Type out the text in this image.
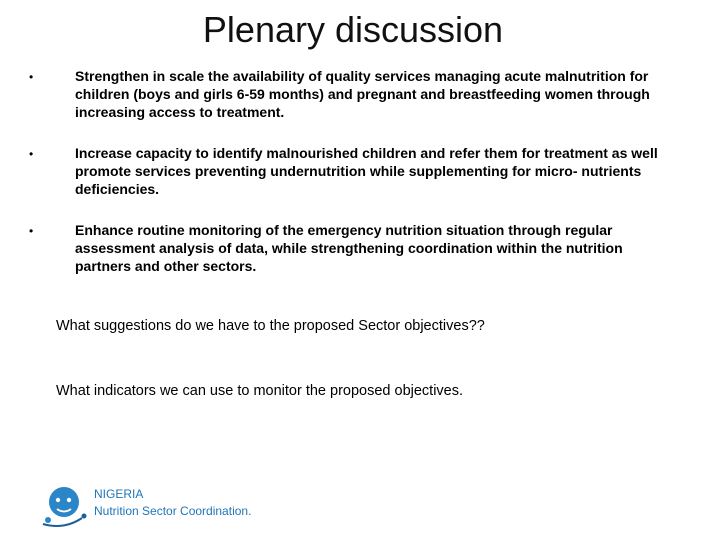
Plenary discussion
•	Strengthen in scale the availability of quality services managing acute malnutrition for children (boys and girls 6-59 months) and pregnant and breastfeeding women through increasing access to treatment.
•	Increase capacity to identify malnourished children and refer them for treatment as well promote services preventing undernutrition while supplementing for micro- nutrients deficiencies.
•	Enhance routine monitoring of the emergency nutrition situation through regular assessment analysis of data, while strengthening coordination within the nutrition partners and other sectors.
What suggestions do we have to the proposed Sector objectives??
What indicators we can use to monitor the proposed objectives.
NIGERIA
Nutrition Sector Coordination.
